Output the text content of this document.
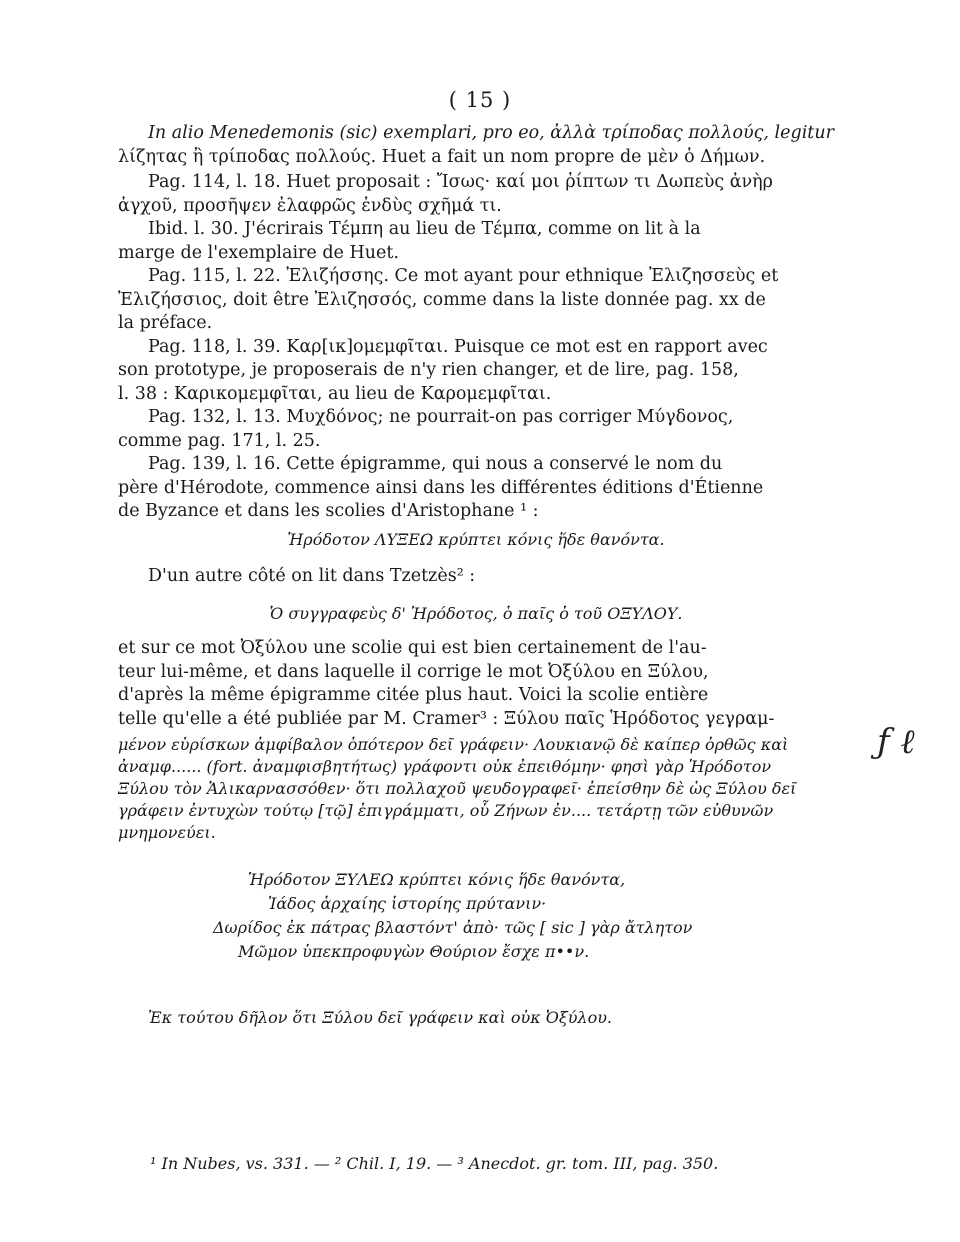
( 15 )

In alio Menedemonis (sic) exemplari, pro eo, ἀλλὰ τρίποδας πολλούς, legitur

λίζητας ἢ τρίποδας πολλούς. Huet a fait un nom propre de μὲν ὁ Δήμων.

Pag. 114, l. 18. Huet proposait : Ἴσως· καί μοι ῥίπτων τι Δωπεὺς ἀνὴρ

ἀγχοῦ, προσῆψεν ἐλαφρῶς ἐνδὺς σχῆμά τι.

Ibid. l. 30. J'écrirais Τέμπη au lieu de Τέμπα, comme on lit à la

marge de l'exemplaire de Huet.

Pag. 115, l. 22. Ἐλιζήσσης. Ce mot ayant pour ethnique Ἐλιζησσεὺς et

Ἐλιζήσσιος, doit être Ἐλιζησσός, comme dans la liste donnée pag. xx de

la préface.

Pag. 118, l. 39. Καρ[ικ]ομεμφῖται. Puisque ce mot est en rapport avec

son prototype, je proposerais de n'y rien changer, et de lire, pag. 158,

l. 38 : Καρικομεμφῖται, au lieu de Καρομεμφῖται.

Pag. 132, l. 13. Μυχδόνος; ne pourrait-on pas corriger Μύγδονος,

comme pag. 171, l. 25.

Pag. 139, l. 16. Cette épigramme, qui nous a conservé le nom du

père d'Hérodote, commence ainsi dans les différentes éditions d'Étienne

de Byzance et dans les scolies d'Aristophane ¹ :

Ἡρόδοτον ΛΥΞΕΩ κρύπτει κόνις ἥδε θανόντα.

D'un autre côté on lit dans Tzetzès² :

Ὁ συγγραφεὺς δ' Ἡρόδοτος, ὁ παῖς ὁ τοῦ ΟΞΥΛΟΥ.

et sur ce mot Ὀξύλου une scolie qui est bien certainement de l'au-

teur lui-même, et dans laquelle il corrige le mot Ὀξύλου en Ξύλου,

d'après la même épigramme citée plus haut. Voici la scolie entière

telle qu'elle a été publiée par M. Cramer³ : Ξύλου παῖς Ἡρόδοτος γεγραμ-

μένον εὑρίσκων ἀμφίβαλον ὁπότερον δεῖ γράφειν· Λουκιανῷ δὲ καίπερ ὀρθῶς καὶ

ἀναμφ...... (fort. ἀναμφισβητήτως) γράφοντι οὐκ ἐπειθόμην· φησὶ γὰρ Ἡρόδοτον

Ξύλου τὸν Ἁλικαρνασσόθεν· ὅτι πολλαχοῦ ψευδογραφεῖ· ἐπείσθην δὲ ὡς Ξύλου δεῖ

γράφειν ἐντυχὼν τούτῳ [τῷ] ἐπιγράμματι, οὗ Ζήνων ἐν.... τετάρτῃ τῶν εὐθυνῶν

μνημονεύει.

ƒ ℓ

Ἡρόδοτον ΞΥΛΕΩ κρύπτει κόνις ἥδε θανόντα,

Ἰάδος ἀρχαίης ἱστορίης πρύτανιν·

Δωρίδος ἐκ πάτρας βλαστόντ' ἀπὸ· τῶς [ sic ] γὰρ ἄτλητον

Μῶμον ὑπεκπροφυγὼν Θούριον ἔσχε π••ν.

Ἐκ τούτου δῆλον ὅτι Ξύλου δεῖ γράφειν καὶ οὐκ Ὀξύλου.

¹ In Nubes, vs. 331. — ² Chil. I, 19. — ³ Anecdot. gr. tom. III, pag. 350.
